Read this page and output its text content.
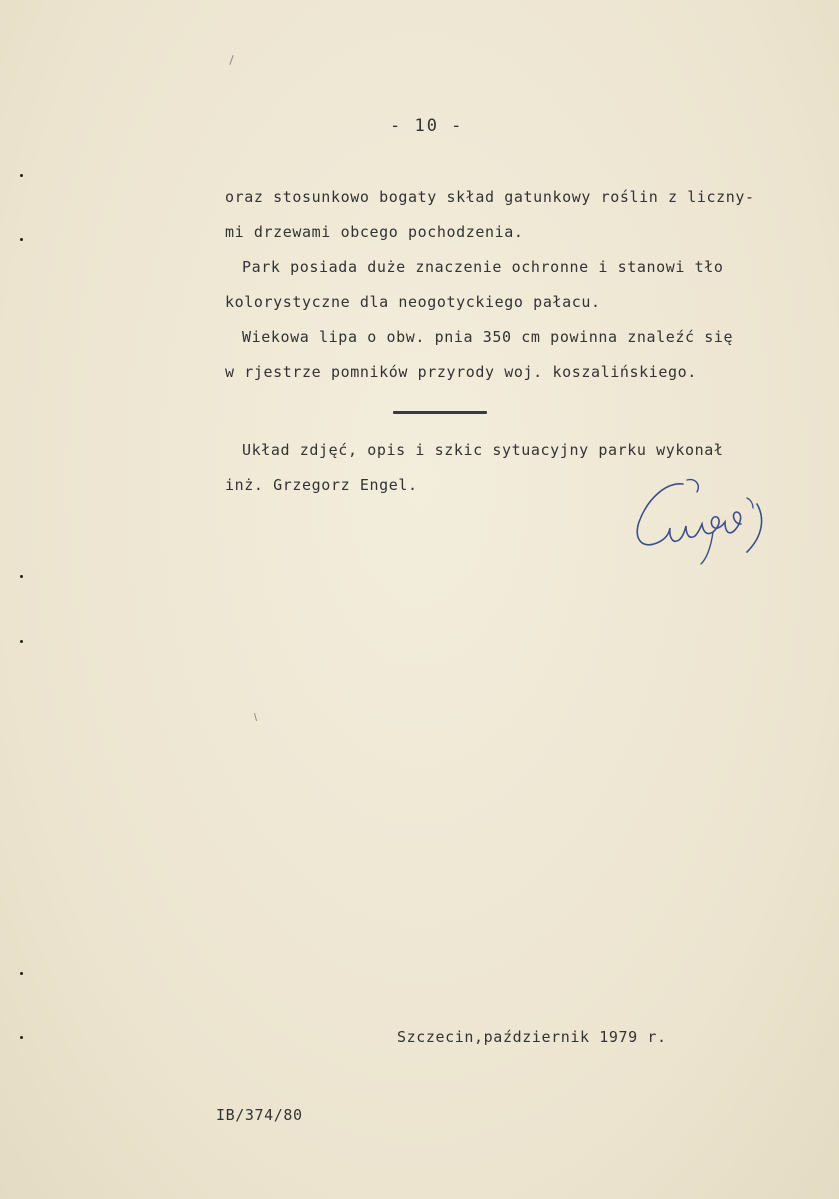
- 10 -
oraz stosunkowo bogaty skład gatunkowy roślin z liczny-
mi drzewami obcego pochodzenia.
Park posiada duże znaczenie ochronne i stanowi tło
kolorystyczne dla neogotyckiego pałacu.
Wiekowa lipa o obw. pnia 350 cm powinna znaleźć się
w rjestrze pomników przyrody woj. koszalińskiego.
Układ zdjęć, opis i szkic sytuacyjny parku wykonał
inż. Grzegorz Engel.
Szczecin,październik 1979 r.
IB/374/80
